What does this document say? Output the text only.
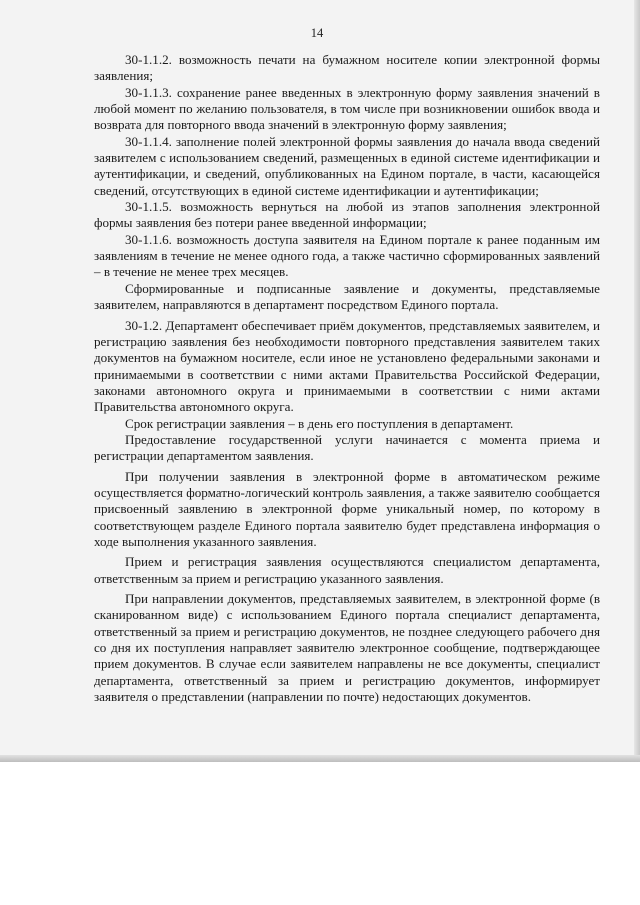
14

30-1.1.2. возможность печати на бумажном носителе копии электронной формы заявления;

30-1.1.3. сохранение ранее введенных в электронную форму заявления значений в любой момент по желанию пользователя, в том числе при возникновении ошибок ввода и возврата для повторного ввода значений в электронную форму заявления;

30-1.1.4. заполнение полей электронной формы заявления до начала ввода сведений заявителем с использованием сведений, размещенных в единой системе идентификации и аутентификации, и сведений, опубликованных на Едином портале, в части, касающейся сведений, отсутствующих в единой системе идентификации и аутентификации;

30-1.1.5. возможность вернуться на любой из этапов заполнения электронной формы заявления без потери ранее введенной информации;

30-1.1.6. возможность доступа заявителя на Едином портале к ранее поданным им заявлениям в течение не менее одного года, а также частично сформированных заявлений – в течение не менее трех месяцев.

Сформированные и подписанные заявление и документы, представляемые заявителем, направляются в департамент посредством Единого портала.

30-1.2. Департамент обеспечивает приём документов, представляемых заявителем, и регистрацию заявления без необходимости повторного представления заявителем таких документов на бумажном носителе, если иное не установлено федеральными законами и принимаемыми в соответствии с ними актами Правительства Российской Федерации, законами автономного округа и принимаемыми в соответствии с ними актами Правительства автономного округа.

Срок регистрации заявления – в день его поступления в департамент.

Предоставление государственной услуги начинается с момента приема и регистрации департаментом заявления.

При получении заявления в электронной форме в автоматическом режиме осуществляется форматно-логический контроль заявления, а также заявителю сообщается присвоенный заявлению в электронной форме уникальный номер, по которому в соответствующем разделе Единого портала заявителю будет представлена информация о ходе выполнения указанного заявления.

Прием и регистрация заявления осуществляются специалистом департамента, ответственным за прием и регистрацию указанного заявления.

При направлении документов, представляемых заявителем, в электронной форме (в сканированном виде) с использованием Единого портала специалист департамента, ответственный за прием и регистрацию документов, не позднее следующего рабочего дня со дня их поступления направляет заявителю электронное сообщение, подтверждающее прием документов. В случае если заявителем направлены не все документы, специалист департамента, ответственный за прием и регистрацию документов, информирует заявителя о представлении (направлении по почте) недостающих документов.
